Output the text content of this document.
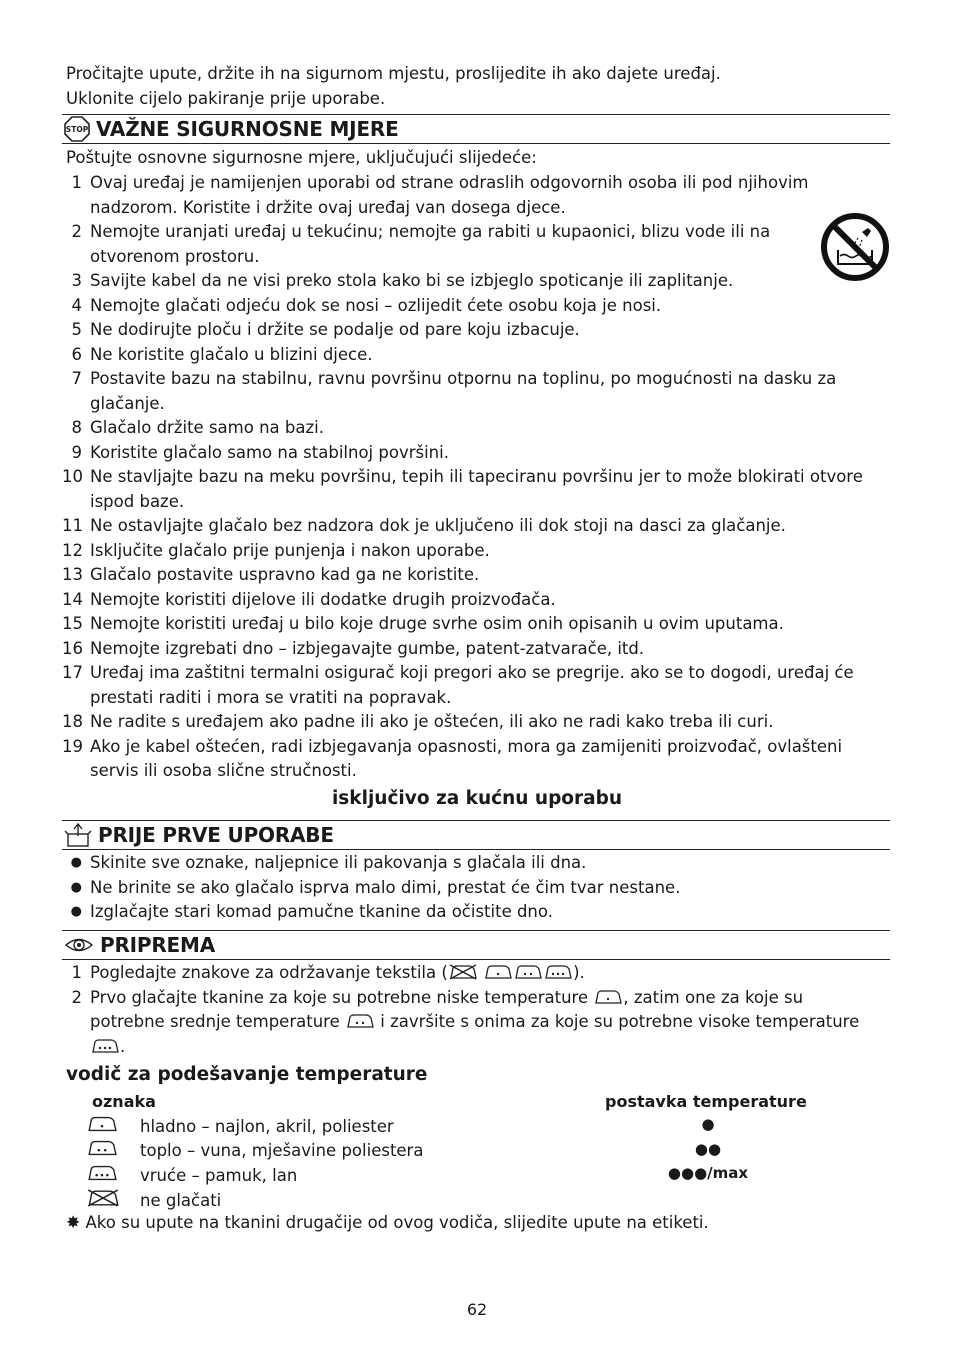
Pročitajte upute, držite ih na sigurnom mjestu, proslijedite ih ako dajete uređaj.
Uklonite cijelo pakiranje prije uporabe.
STOP VAŽNE SIGURNOSNE MJERE
Poštujte osnovne sigurnosne mjere, uključujući slijedeće:
1 Ovaj uređaj je namijenjen uporabi od strane odraslih odgovornih osoba ili pod njihovim nadzorom. Koristite i držite ovaj uređaj van dosega djece.
2 Nemojte uranjati uređaj u tekućinu; nemojte ga rabiti u kupaonici, blizu vode ili na otvorenom prostoru.
3 Savijte kabel da ne visi preko stola kako bi se izbjeglo spoticanje ili zaplitanje.
4 Nemojte glačati odjeću dok se nosi – ozlijedit ćete osobu koja je nosi.
5 Ne dodirujte ploču i držite se podalje od pare koju izbacuje.
6 Ne koristite glačalo u blizini djece.
7 Postavite bazu na stabilnu, ravnu površinu otpornu na toplinu, po mogućnosti na dasku za glačanje.
8 Glačalo držite samo na bazi.
9 Koristite glačalo samo na stabilnoj površini.
10 Ne stavljajte bazu na meku površinu, tepih ili tapeciranu površinu jer to može blokirati otvore ispod baze.
11 Ne ostavljajte glačalo bez nadzora dok je uključeno ili dok stoji na dasci za glačanje.
12 Isključite glačalo prije punjenja i nakon uporabe.
13 Glačalo postavite uspravno kad ga ne koristite.
14 Nemojte koristiti dijelove ili dodatke drugih proizvođača.
15 Nemojte koristiti uređaj u bilo koje druge svrhe osim onih opisanih u ovim uputama.
16 Nemojte izgrebati dno – izbjegavajte gumbe, patent-zatvarače, itd.
17 Uređaj ima zaštitni termalni osigurač koji pregori ako se pregrije. ako se to dogodi, uređaj će prestati raditi i mora se vratiti na popravak.
18 Ne radite s uređajem ako padne ili ako je oštećen, ili ako ne radi kako treba ili curi.
19 Ako je kabel oštećen, radi izbjegavanja opasnosti, mora ga zamijeniti proizvođač, ovlašteni servis ili osoba slične stručnosti.
isključivo za kućnu uporabu
PRIJE PRVE UPORABE
● Skinite sve oznake, naljepnice ili pakovanja s glačala ili dna.
● Ne brinite se ako glačalo isprva malo dimi, prestat će čim tvar nestane.
● Izglačajte stari komad pamučne tkanine da očistite dno.
PRIPREMA
1 Pogledajte znakove za održavanje tekstila (	).
2 Prvo glačajte tkanine za koje su potrebne niske temperature , zatim one za koje su
potrebne srednje temperature i završite s onima za koje su potrebne visoke temperature
.
vodič za podešavanje temperature
oznaka	postavka temperature
hladno – najlon, akril, poliester
toplo – vuna, mješavine poliestera
vruće – pamuk, lan
ne glačati
●
●●
●●●/max
✸ Ako su upute na tkanini drugačije od ovog vodiča, slijedite upute na etiketi.
62
